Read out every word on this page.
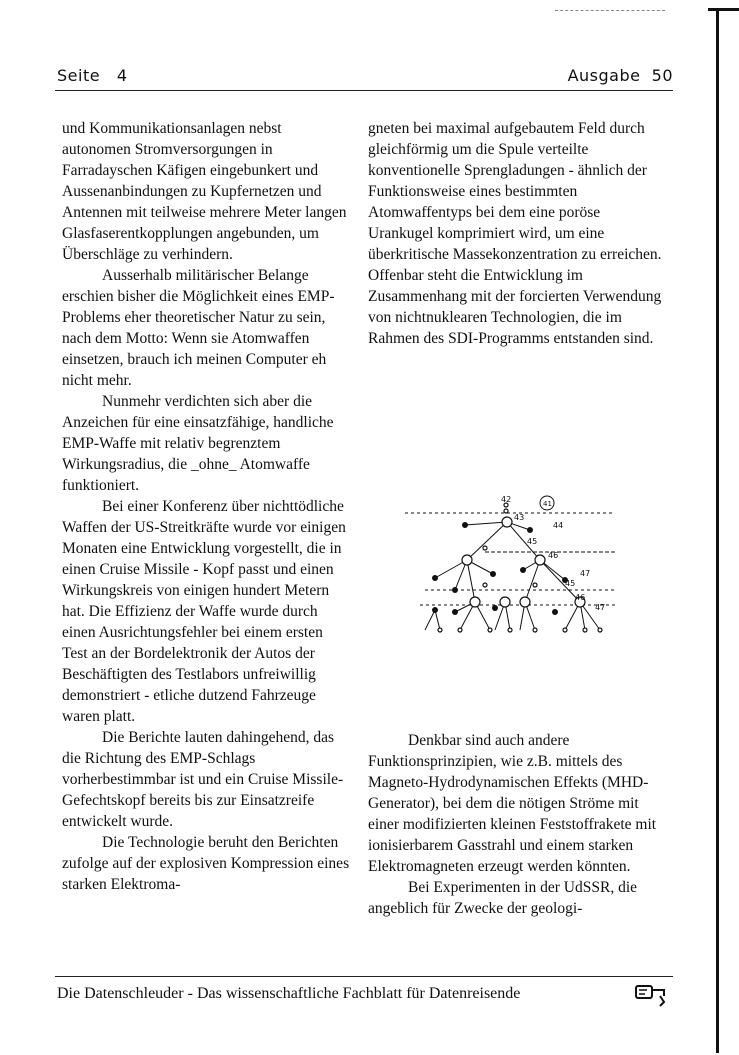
Seite   4	Ausgabe  50

und Kommunikationsanlagen nebst autonomen Stromversorgungen in Farradayschen Käfigen eingebunkert und Aussenanbindungen zu Kupfernetzen und Antennen mit teilweise mehrere Meter langen Glasfaserentkopplungen angebunden, um Überschläge zu verhindern.

Ausserhalb militärischer Belange erschien bisher die Möglichkeit eines EMP-Problems eher theoretischer Natur zu sein, nach dem Motto: Wenn sie Atomwaffen einsetzen, brauch ich meinen Computer eh nicht mehr.

Nunmehr verdichten sich aber die Anzeichen für eine einsatzfähige, handliche EMP-Waffe mit relativ begrenztem Wirkungsradius, die _ohne_ Atomwaffe funktioniert.

Bei einer Konferenz über nichttödliche Waffen der US-Streitkräfte wurde vor einigen Monaten eine Entwicklung vorgestellt, die in einen Cruise Missile - Kopf passt und einen Wirkungskreis von einigen hundert Metern hat. Die Effizienz der Waffe wurde durch einen Ausrichtungsfehler bei einem ersten Test an der Bordelektronik der Autos der Beschäftigten des Testlabors unfreiwillig demonstriert - etliche dutzend Fahrzeuge waren platt.

Die Berichte lauten dahingehend, das die Richtung des EMP-Schlags vorherbestimmbar ist und ein Cruise Missile-Gefechtskopf bereits bis zur Einsatzreife entwickelt wurde.

Die Technologie beruht den Berichten zufolge auf der explosiven Kompression eines starken Elektroma-

gneten bei maximal aufgebautem Feld durch gleichförmig um die Spule verteilte konventionelle Sprengladungen - ähnlich der Funktionsweise eines bestimmten Atomwaffentyps bei dem eine poröse Urankugel komprimiert wird, um eine überkritische Massekonzentration zu erreichen. Offenbar steht die Entwicklung im Zusammenhang mit der forcierten Verwendung von nichtnuklearen Technologien, die im Rahmen des SDI-Programms entstanden sind.

42	41
43
44
45
46
47
45
46
47

Denkbar sind auch andere Funktionsprinzipien, wie z.B. mittels des Magneto-Hydrodynamischen Effekts (MHD-Generator), bei dem die nötigen Ströme mit einer modifizierten kleinen Feststoffrakete mit ionisierbarem Gasstrahl und einem starken Elektromagneten erzeugt werden könnten.

Bei Experimenten in der UdSSR, die angeblich für Zwecke der geologi-

Die Datenschleuder - Das wissenschaftliche Fachblatt für Datenreisende
